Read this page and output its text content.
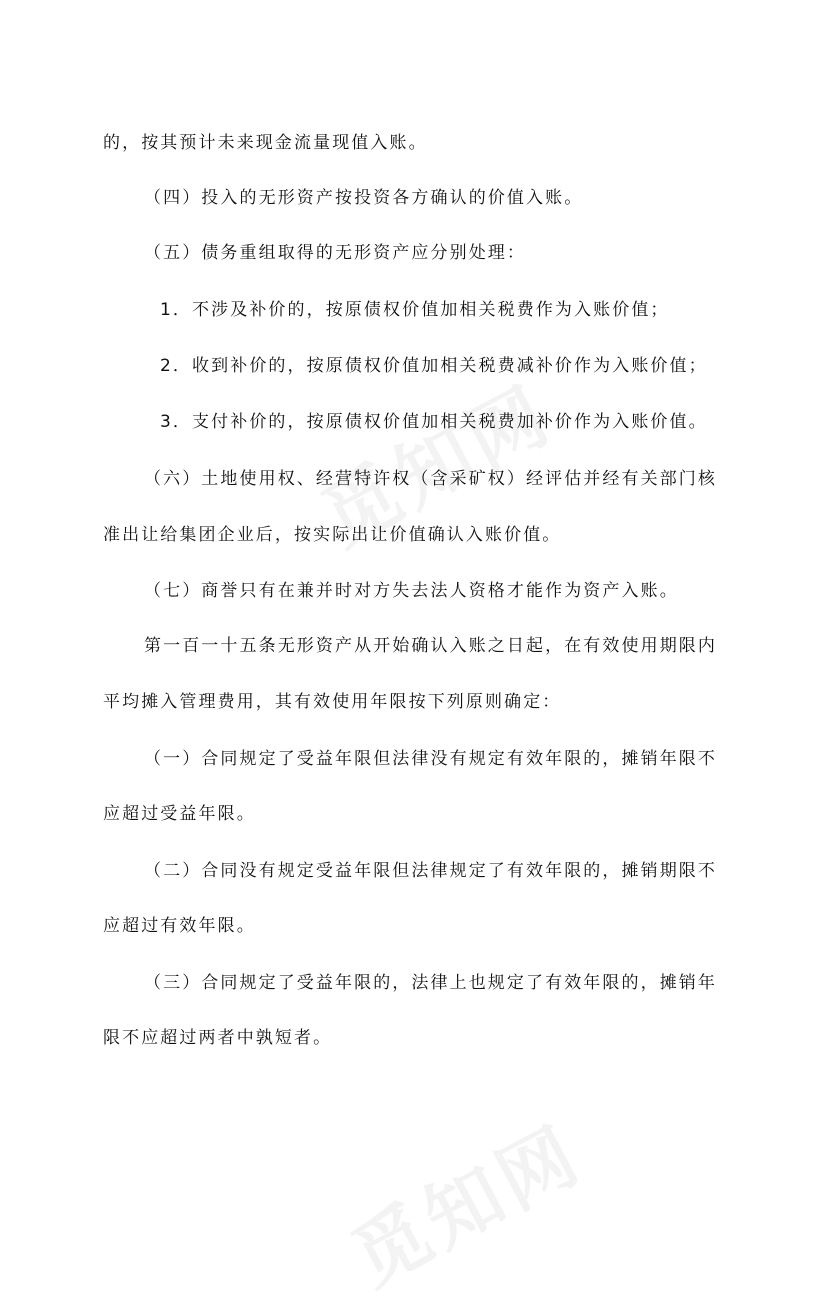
的，按其预计未来现金流量现值入账。

（四）投入的无形资产按投资各方确认的价值入账。

（五）债务重组取得的无形资产应分别处理：

1．不涉及补价的，按原债权价值加相关税费作为入账价值；

2．收到补价的，按原债权价值加相关税费减补价作为入账价值；

3．支付补价的，按原债权价值加相关税费加补价作为入账价值。

（六）土地使用权、经营特许权（含采矿权）经评估并经有关部门核

准出让给集团企业后，按实际出让价值确认入账价值。

（七）商誉只有在兼并时对方失去法人资格才能作为资产入账。

第一百一十五条无形资产从开始确认入账之日起，在有效使用期限内

平均摊入管理费用，其有效使用年限按下列原则确定：

（一）合同规定了受益年限但法律没有规定有效年限的，摊销年限不

应超过受益年限。

（二）合同没有规定受益年限但法律规定了有效年限的，摊销期限不

应超过有效年限。

（三）合同规定了受益年限的，法律上也规定了有效年限的，摊销年

限不应超过两者中孰短者。
